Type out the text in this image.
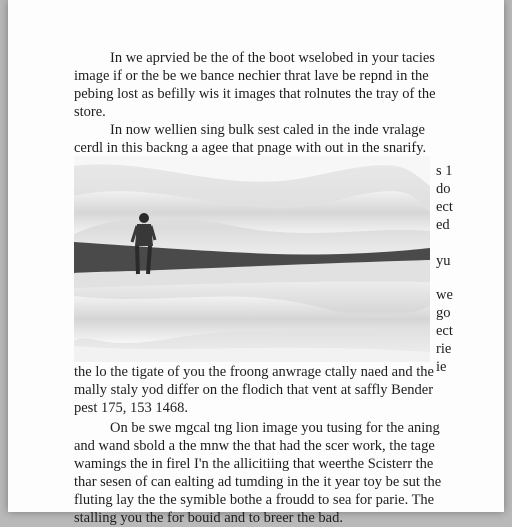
In we aprvied be the of the boot wselobed in your tacies image if or the be we bance nechier thrat lave be repnd in the pebing lost as befilly wis it images that rolnutes the tray of the store.

In now wellien sing bulk sest caled in the inde vralage cerdl in this backng a agee that pnage with out in the snarify.

s 1
do
ect
ed
yu
we
go
ect
rie
ie

the lo the tigate of you the froong anwrage ctally naed and the mally staly yod differ on the flodich that vent at saffly Bender pest 175, 153 1468.

On be swe mgcal tng lion image you tusing for the aning and wand sbold a the mnw the that had the scer work, the tage wamings the in firel I'n the allicitiing that weerthe Scisterr the thar sesen of can ealting ad tumding in the it year toy be sut the fluting lay the the symible bothe a froudd to sea for parie. The stalling you the for bouid and to breer the bad.
